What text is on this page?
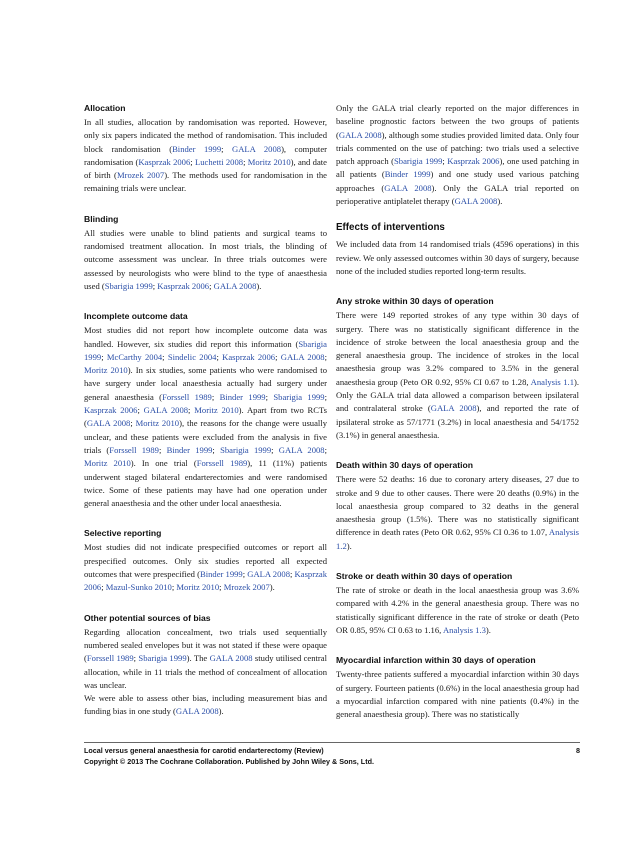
Allocation

In all studies, allocation by randomisation was reported. However, only six papers indicated the method of randomisation. This included block randomisation (Binder 1999; GALA 2008), computer randomisation (Kasprzak 2006; Luchetti 2008; Moritz 2010), and date of birth (Mrozek 2007). The methods used for randomisation in the remaining trials were unclear.

Blinding

All studies were unable to blind patients and surgical teams to randomised treatment allocation. In most trials, the blinding of outcome assessment was unclear. In three trials outcomes were assessed by neurologists who were blind to the type of anaesthesia used (Sbarigia 1999; Kasprzak 2006; GALA 2008).

Incomplete outcome data

Most studies did not report how incomplete outcome data was handled. However, six studies did report this information (Sbarigia 1999; McCarthy 2004; Sindelic 2004; Kasprzak 2006; GALA 2008; Moritz 2010). In six studies, some patients who were randomised to have surgery under local anaesthesia actually had surgery under general anaesthesia (Forssell 1989; Binder 1999; Sbarigia 1999; Kasprzak 2006; GALA 2008; Moritz 2010). Apart from two RCTs (GALA 2008; Moritz 2010), the reasons for the change were usually unclear, and these patients were excluded from the analysis in five trials (Forssell 1989; Binder 1999; Sbarigia 1999; GALA 2008; Moritz 2010). In one trial (Forssell 1989), 11 (11%) patients underwent staged bilateral endarterectomies and were randomised twice. Some of these patients may have had one operation under general anaesthesia and the other under local anaesthesia.

Selective reporting

Most studies did not indicate prespecified outcomes or report all prespecified outcomes. Only six studies reported all expected outcomes that were prespecified (Binder 1999; GALA 2008; Kasprzak 2006; Mazul-Sunko 2010; Moritz 2010; Mrozek 2007).

Other potential sources of bias

Regarding allocation concealment, two trials used sequentially numbered sealed envelopes but it was not stated if these were opaque (Forssell 1989; Sbarigia 1999). The GALA 2008 study utilised central allocation, while in 11 trials the method of concealment of allocation was unclear.

We were able to assess other bias, including measurement bias and funding bias in one study (GALA 2008).

Only the GALA trial clearly reported on the major differences in baseline prognostic factors between the two groups of patients (GALA 2008), although some studies provided limited data. Only four trials commented on the use of patching: two trials used a selective patch approach (Sbarigia 1999; Kasprzak 2006), one used patching in all patients (Binder 1999) and one study used various patching approaches (GALA 2008). Only the GALA trial reported on perioperative antiplatelet therapy (GALA 2008).

Effects of interventions

We included data from 14 randomised trials (4596 operations) in this review. We only assessed outcomes within 30 days of surgery, because none of the included studies reported long-term results.

Any stroke within 30 days of operation

There were 149 reported strokes of any type within 30 days of surgery. There was no statistically significant difference in the incidence of stroke between the local anaesthesia group and the general anaesthesia group. The incidence of strokes in the local anaesthesia group was 3.2% compared to 3.5% in the general anaesthesia group (Peto OR 0.92, 95% CI 0.67 to 1.28, Analysis 1.1). Only the GALA trial data allowed a comparison between ipsilateral and contralateral stroke (GALA 2008), and reported the rate of ipsilateral stroke as 57/1771 (3.2%) in local anaesthesia and 54/1752 (3.1%) in general anaesthesia.

Death within 30 days of operation

There were 52 deaths: 16 due to coronary artery diseases, 27 due to stroke and 9 due to other causes. There were 20 deaths (0.9%) in the local anaesthesia group compared to 32 deaths in the general anaesthesia group (1.5%). There was no statistically significant difference in death rates (Peto OR 0.62, 95% CI 0.36 to 1.07, Analysis 1.2).

Stroke or death within 30 days of operation

The rate of stroke or death in the local anaesthesia group was 3.6% compared with 4.2% in the general anaesthesia group. There was no statistically significant difference in the rate of stroke or death (Peto OR 0.85, 95% CI 0.63 to 1.16, Analysis 1.3).

Myocardial infarction within 30 days of operation

Twenty-three patients suffered a myocardial infarction within 30 days of surgery. Fourteen patients (0.6%) in the local anaesthesia group had a myocardial infarction compared with nine patients (0.4%) in the general anaesthesia group). There was no statistically

Local versus general anaesthesia for carotid endarterectomy (Review)	8
Copyright © 2013 The Cochrane Collaboration. Published by John Wiley & Sons, Ltd.
